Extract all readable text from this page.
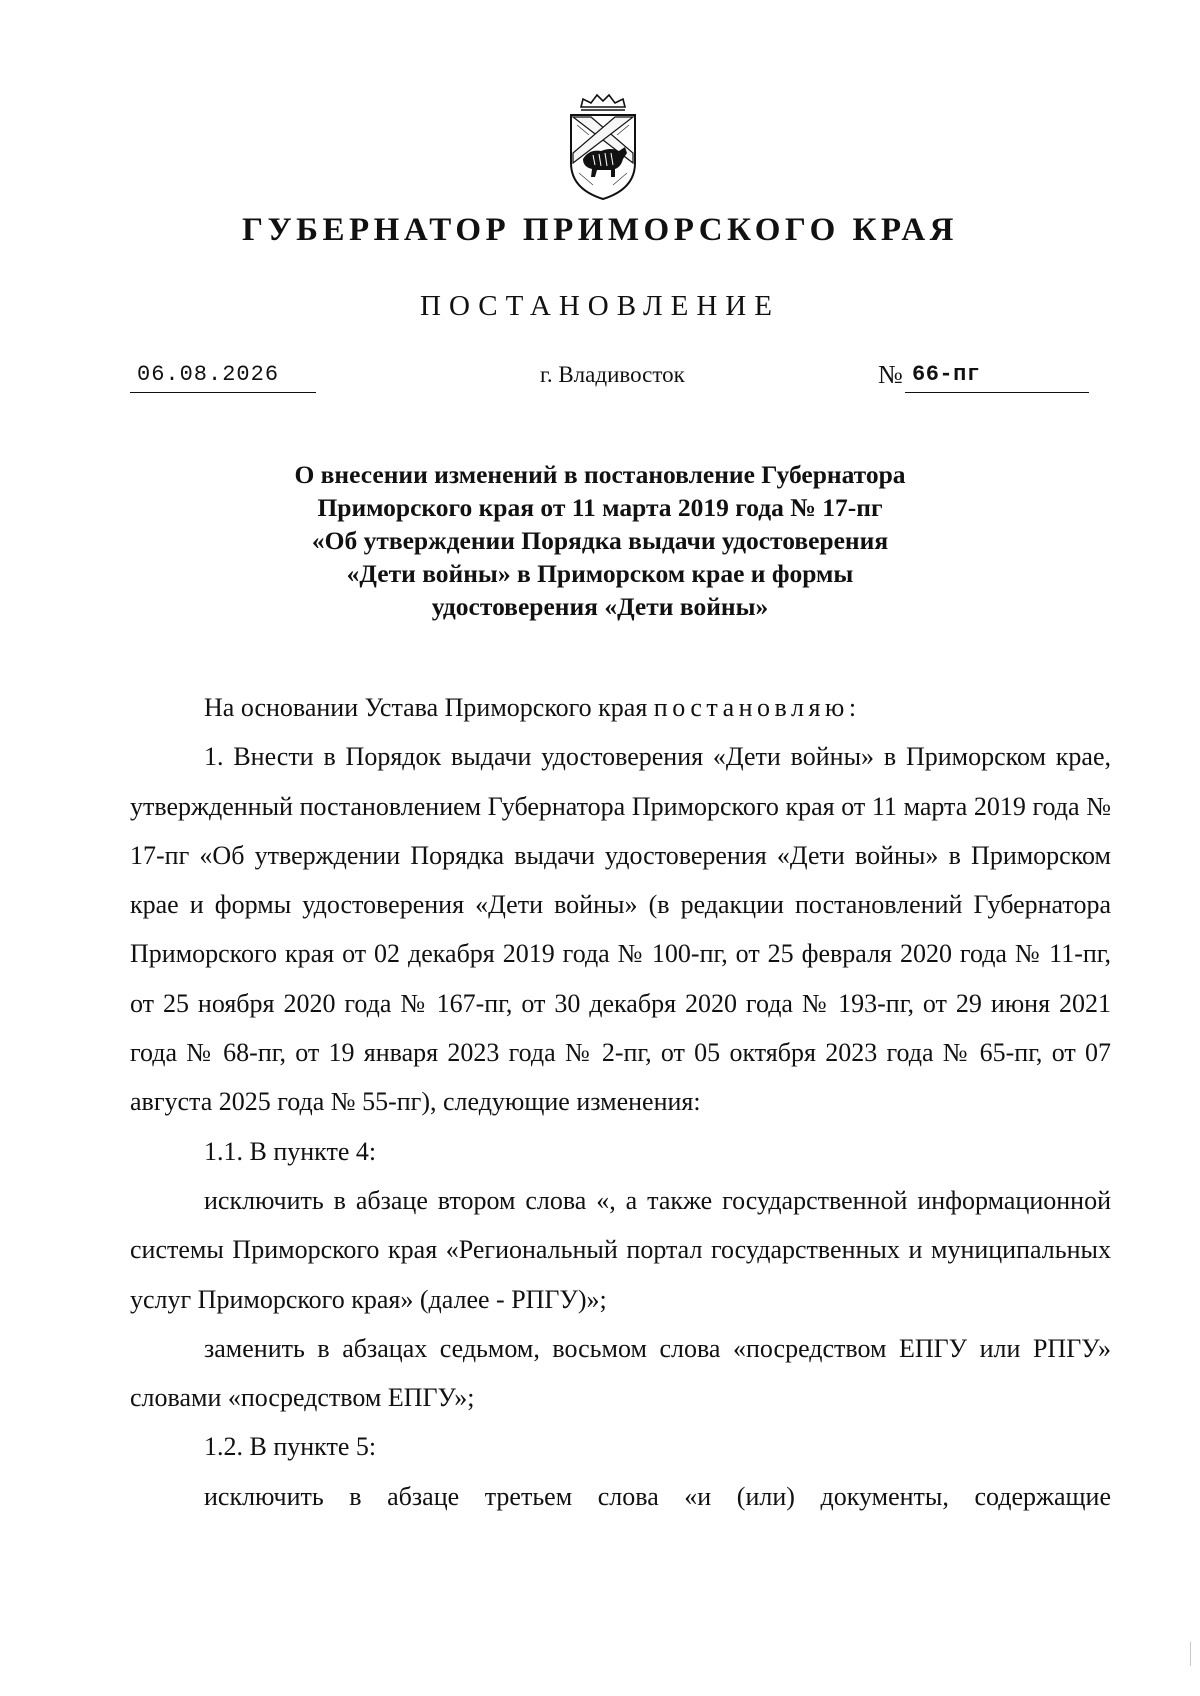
ГУБЕРНАТОР ПРИМОРСКОГО КРАЯ
ПОСТАНОВЛЕНИЕ
06.08.2026	г. Владивосток	№ 66-пг
О внесении изменений в постановление Губернатора
Приморского края от 11 марта 2019 года № 17-пг
«Об утверждении Порядка выдачи удостоверения
«Дети войны» в Приморском крае и формы
удостоверения «Дети войны»

На основании Устава Приморского края постановляю:

1. Внести в Порядок выдачи удостоверения «Дети войны» в Приморском крае, утвержденный постановлением Губернатора Приморского края от 11 марта 2019 года № 17-пг «Об утверждении Порядка выдачи удостоверения «Дети войны» в Приморском крае и формы удостоверения «Дети войны» (в редакции постановлений Губернатора Приморского края от 02 декабря 2019 года № 100-пг, от 25 февраля 2020 года № 11-пг, от 25 ноября 2020 года № 167-пг, от 30 декабря 2020 года № 193-пг, от 29 июня 2021 года № 68-пг, от 19 января 2023 года № 2-пг, от 05 октября 2023 года № 65-пг, от 07 августа 2025 года № 55-пг), следующие изменения:

1.1. В пункте 4:

исключить в абзаце втором слова «, а также государственной информационной системы Приморского края «Региональный портал государственных и муниципальных услуг Приморского края» (далее - РПГУ)»;

заменить в абзацах седьмом, восьмом слова «посредством ЕПГУ или РПГУ» словами «посредством ЕПГУ»;

1.2. В пункте 5:

исключить в абзаце третьем слова «и (или) документы, содержащие
